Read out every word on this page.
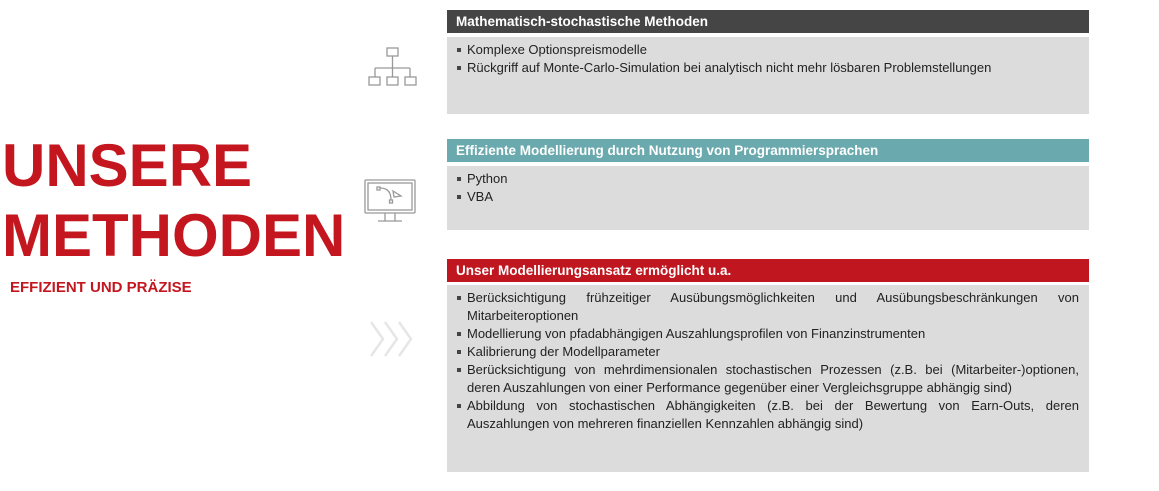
UNSERE
METHODEN
EFFIZIENT UND PRÄZISE
Mathematisch-stochastische Methoden
Komplexe Optionspreismodelle
Rückgriff auf Monte-Carlo-Simulation bei analytisch nicht mehr lösbaren Problemstellungen
Effiziente Modellierung durch Nutzung von Programmiersprachen
Python
VBA
Unser Modellierungsansatz ermöglicht u.a.
Berücksichtigung frühzeitiger Ausübungsmöglichkeiten und Ausübungsbeschränkungen von Mitarbeiteroptionen
Modellierung von pfadabhängigen Auszahlungsprofilen von Finanzinstrumenten
Kalibrierung der Modellparameter
Berücksichtigung von mehrdimensionalen stochastischen Prozessen (z.B. bei (Mitarbeiter-)optionen, deren Auszahlungen von einer Performance gegenüber einer Vergleichsgruppe abhängig sind)
Abbildung von stochastischen Abhängigkeiten (z.B. bei der Bewertung von Earn-Outs, deren Auszahlungen von mehreren finanziellen Kennzahlen abhängig sind)
